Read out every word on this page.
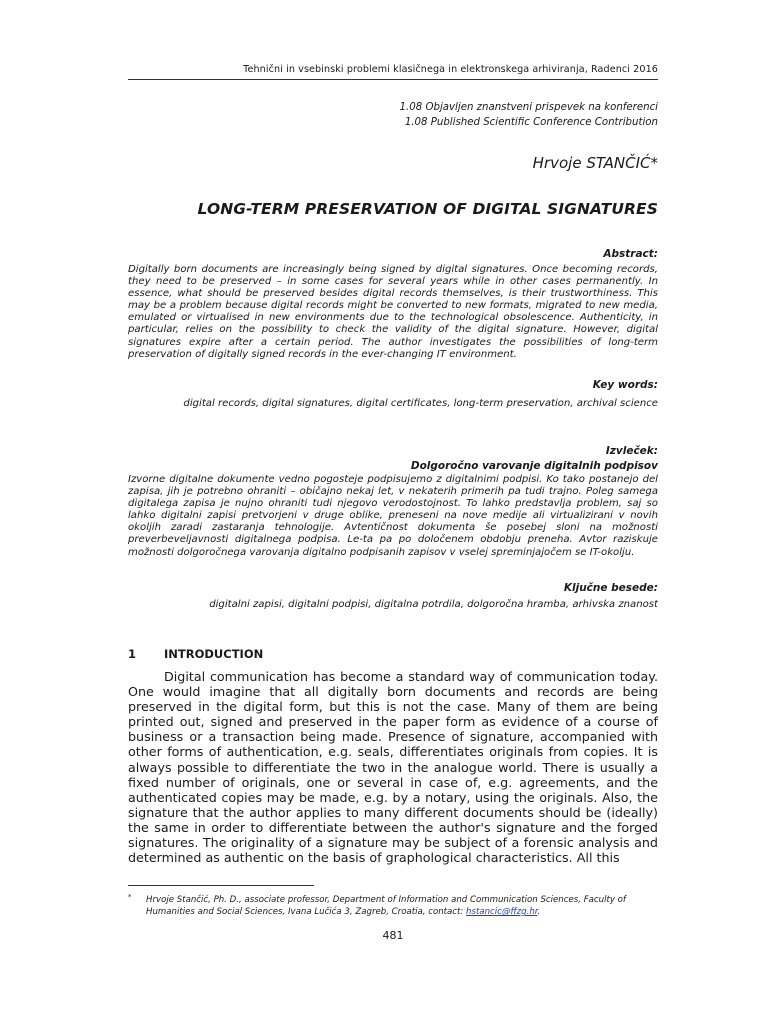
Tehnični in vsebinski problemi klasičnega in elektronskega arhiviranja, Radenci 2016
1.08 Objavljen znanstveni prispevek na konferenci
1.08 Published Scientific Conference Contribution
Hrvoje STANČIĆ*
LONG-TERM PRESERVATION OF DIGITAL SIGNATURES
Abstract:
Digitally born documents are increasingly being signed by digital signatures. Once becoming records, they need to be preserved – in some cases for several years while in other cases permanently. In essence, what should be preserved besides digital records themselves, is their trustworthiness. This may be a problem because digital records might be converted to new formats, migrated to new media, emulated or virtualised in new environments due to the technological obsolescence. Authenticity, in particular, relies on the possibility to check the validity of the digital signature. However, digital signatures expire after a certain period. The author investigates the possibilities of long-term preservation of digitally signed records in the ever-changing IT environment.
Key words:
digital records, digital signatures, digital certificates, long-term preservation, archival science
Izvleček:
Dolgoročno varovanje digitalnih podpisov
Izvorne digitalne dokumente vedno pogosteje podpisujemo z digitalnimi podpisi. Ko tako postanejo del zapisa, jih je potrebno ohraniti – običajno nekaj let, v nekaterih primerih pa tudi trajno. Poleg samega digitalega zapisa je nujno ohraniti tudi njegovo verodostojnost. To lahko predstavlja problem, saj so lahko digitalni zapisi pretvorjeni v druge oblike, preneseni na nove medije ali virtualizirani v novih okoljih zaradi zastaranja tehnologije. Avtentičnost dokumenta še posebej sloni na možnosti preverbeveljavnosti digitalnega podpisa. Le-ta pa po določenem obdobju preneha. Avtor raziskuje možnosti dolgoročnega varovanja digitalno podpisanih zapisov v vselej spreminjajočem se IT-okolju.
Ključne besede:
digitalni zapisi, digitalni podpisi, digitalna potrdila, dolgoročna hramba, arhivska znanost
1 INTRODUCTION

Digital communication has become a standard way of communication today. One would imagine that all digitally born documents and records are being preserved in the digital form, but this is not the case. Many of them are being printed out, signed and preserved in the paper form as evidence of a course of business or a transaction being made. Presence of signature, accompanied with other forms of authentication, e.g. seals, differentiates originals from copies. It is always possible to differentiate the two in the analogue world. There is usually a fixed number of originals, one or several in case of, e.g. agreements, and the authenticated copies may be made, e.g. by a notary, using the originals. Also, the signature that the author applies to many different documents should be (ideally) the same in order to differentiate between the author's signature and the forged signatures. The originality of a signature may be subject of a forensic analysis and determined as authentic on the basis of graphological characteristics. All this

*	Hrvoje Stančić, Ph. D., associate professor, Department of Information and Communication Sciences, Faculty of Humanities and Social Sciences, Ivana Lučića 3, Zagreb, Croatia, contact: hstancic@ffzg.hr.
481
